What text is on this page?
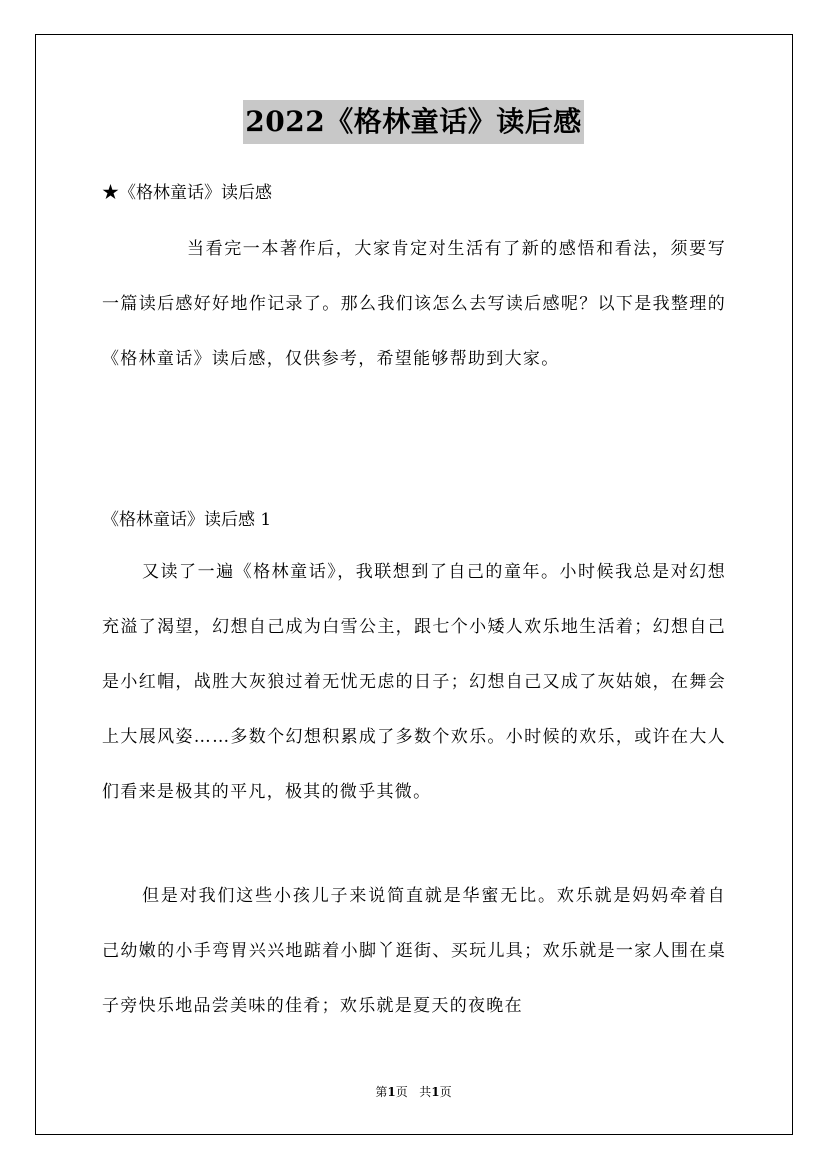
2022《格林童话》读后感
★《格林童话》读后感

当看完一本著作后，大家肯定对生活有了新的感悟和看法，须要写一篇读后感好好地作记录了。那么我们该怎么去写读后感呢？以下是我整理的《格林童话》读后感，仅供参考，希望能够帮助到大家。

《格林童话》读后感 1

又读了一遍《格林童话》，我联想到了自己的童年。小时候我总是对幻想充溢了渴望，幻想自己成为白雪公主，跟七个小矮人欢乐地生活着；幻想自己是小红帽，战胜大灰狼过着无忧无虑的日子；幻想自己又成了灰姑娘，在舞会上大展风姿……多数个幻想积累成了多数个欢乐。小时候的欢乐，或许在大人们看来是极其的平凡，极其的微乎其微。

但是对我们这些小孩儿子来说简直就是华蜜无比。欢乐就是妈妈牵着自己幼嫩的小手弯胃兴兴地踮着小脚丫逛街、买玩儿具；欢乐就是一家人围在桌子旁快乐地品尝美味的佳肴；欢乐就是夏天的夜晚在

第1页 共1页
